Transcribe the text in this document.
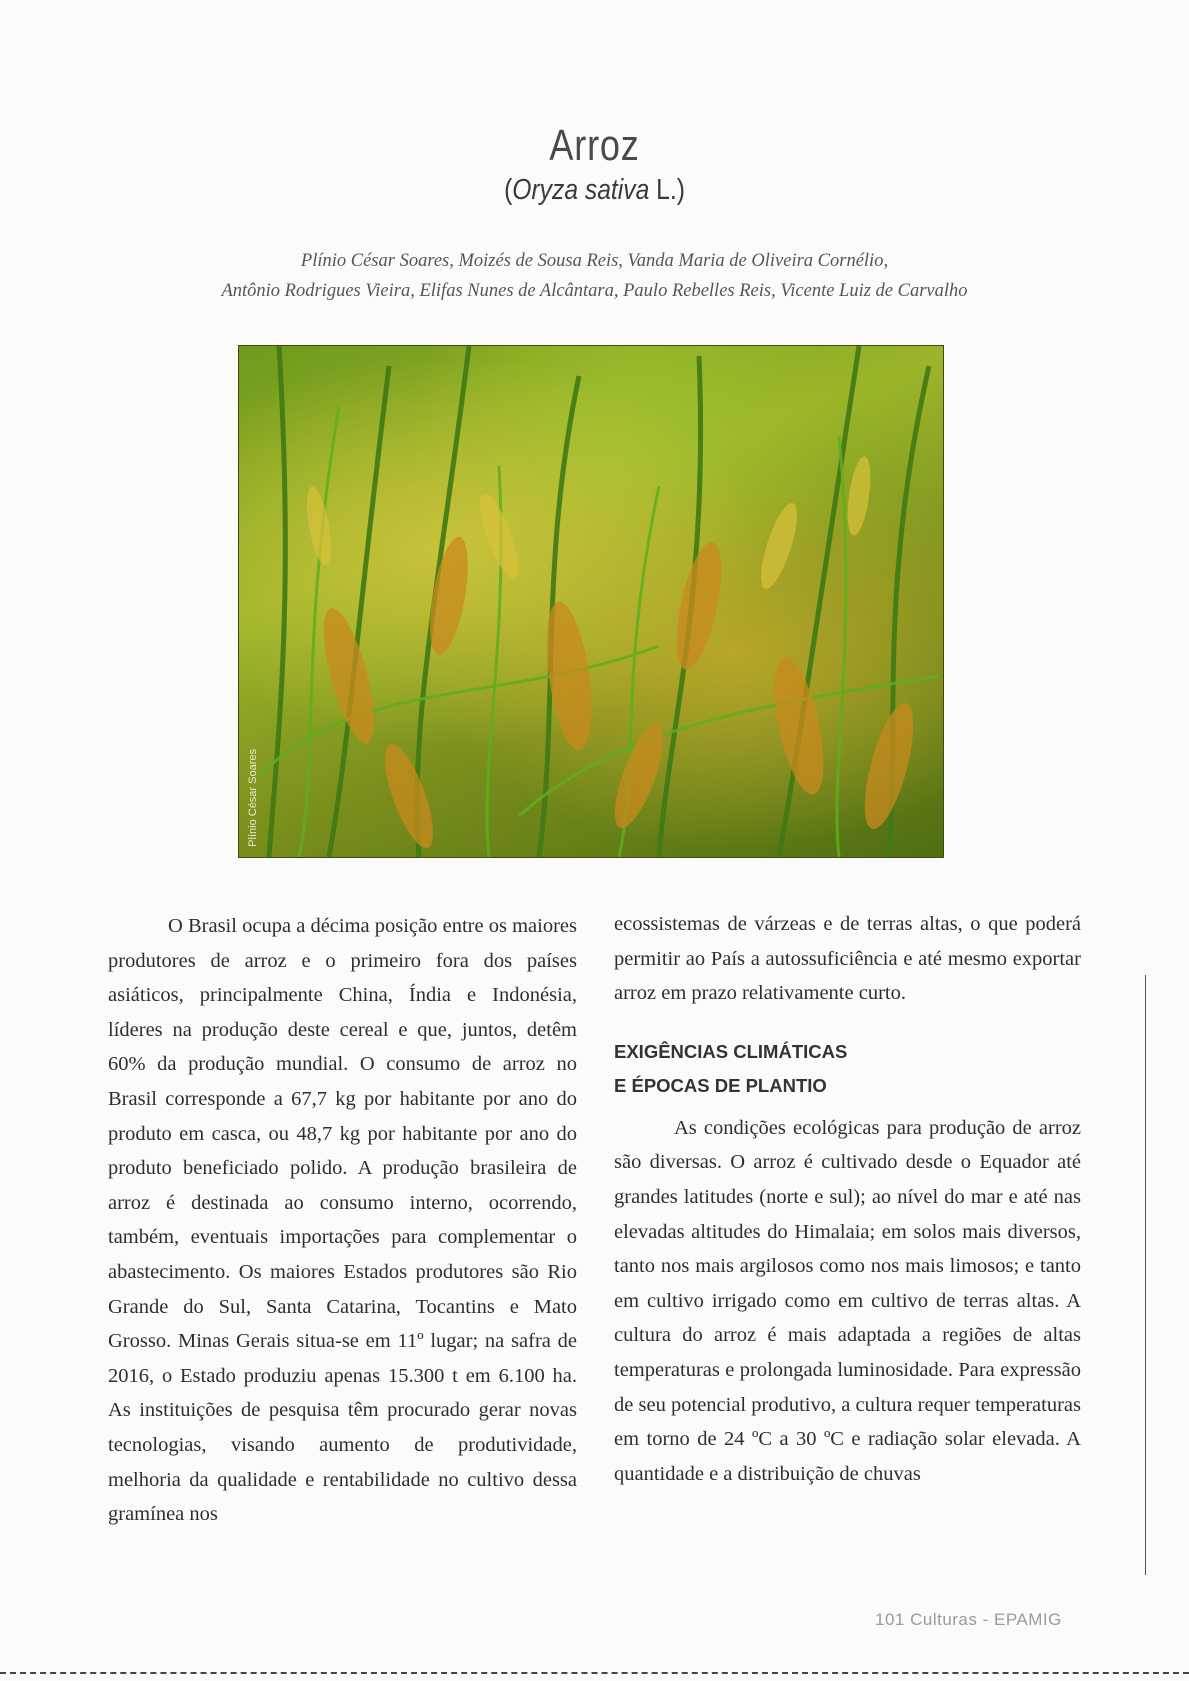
Arroz
(Oryza sativa L.)
Plínio César Soares, Moizés de Sousa Reis, Vanda Maria de Oliveira Cornélio,
Antônio Rodrigues Vieira, Elifas Nunes de Alcântara, Paulo Rebelles Reis, Vicente Luiz de Carvalho
Plínio César Soares

O Brasil ocupa a décima posição entre os maiores produtores de arroz e o primeiro fora dos países asiáticos, principalmente China, Índia e Indonésia, líderes na produção deste cereal e que, juntos, detêm 60% da produção mundial. O consumo de arroz no Brasil corresponde a 67,7 kg por habitante por ano do produto em casca, ou 48,7 kg por habitante por ano do produto beneficiado polido. A produção brasileira de arroz é destinada ao consumo interno, ocorrendo, também, eventuais importações para complementar o abastecimento. Os maiores Estados produtores são Rio Grande do Sul, Santa Catarina, Tocantins e Mato Grosso. Minas Gerais situa-se em 11º lugar; na safra de 2016, o Estado produziu apenas 15.300 t em 6.100 ha. As instituições de pesquisa têm procurado gerar novas tecnologias, visando aumento de produtividade, melhoria da qualidade e rentabilidade no cultivo dessa gramínea nos

ecossistemas de várzeas e de terras altas, o que poderá permitir ao País a autossuficiência e até mesmo exportar arroz em prazo relativamente curto.

EXIGÊNCIAS CLIMÁTICAS
E ÉPOCAS DE PLANTIO

As condições ecológicas para produção de arroz são diversas. O arroz é cultivado desde o Equador até grandes latitudes (norte e sul); ao nível do mar e até nas elevadas altitudes do Himalaia; em solos mais diversos, tanto nos mais argilosos como nos mais limosos; e tanto em cultivo irrigado como em cultivo de terras altas. A cultura do arroz é mais adaptada a regiões de altas temperaturas e prolongada luminosidade. Para expressão de seu potencial produtivo, a cultura requer temperaturas em torno de 24 ºC a 30 ºC e radiação solar elevada. A quantidade e a distribuição de chuvas

101 Culturas - EPAMIG
